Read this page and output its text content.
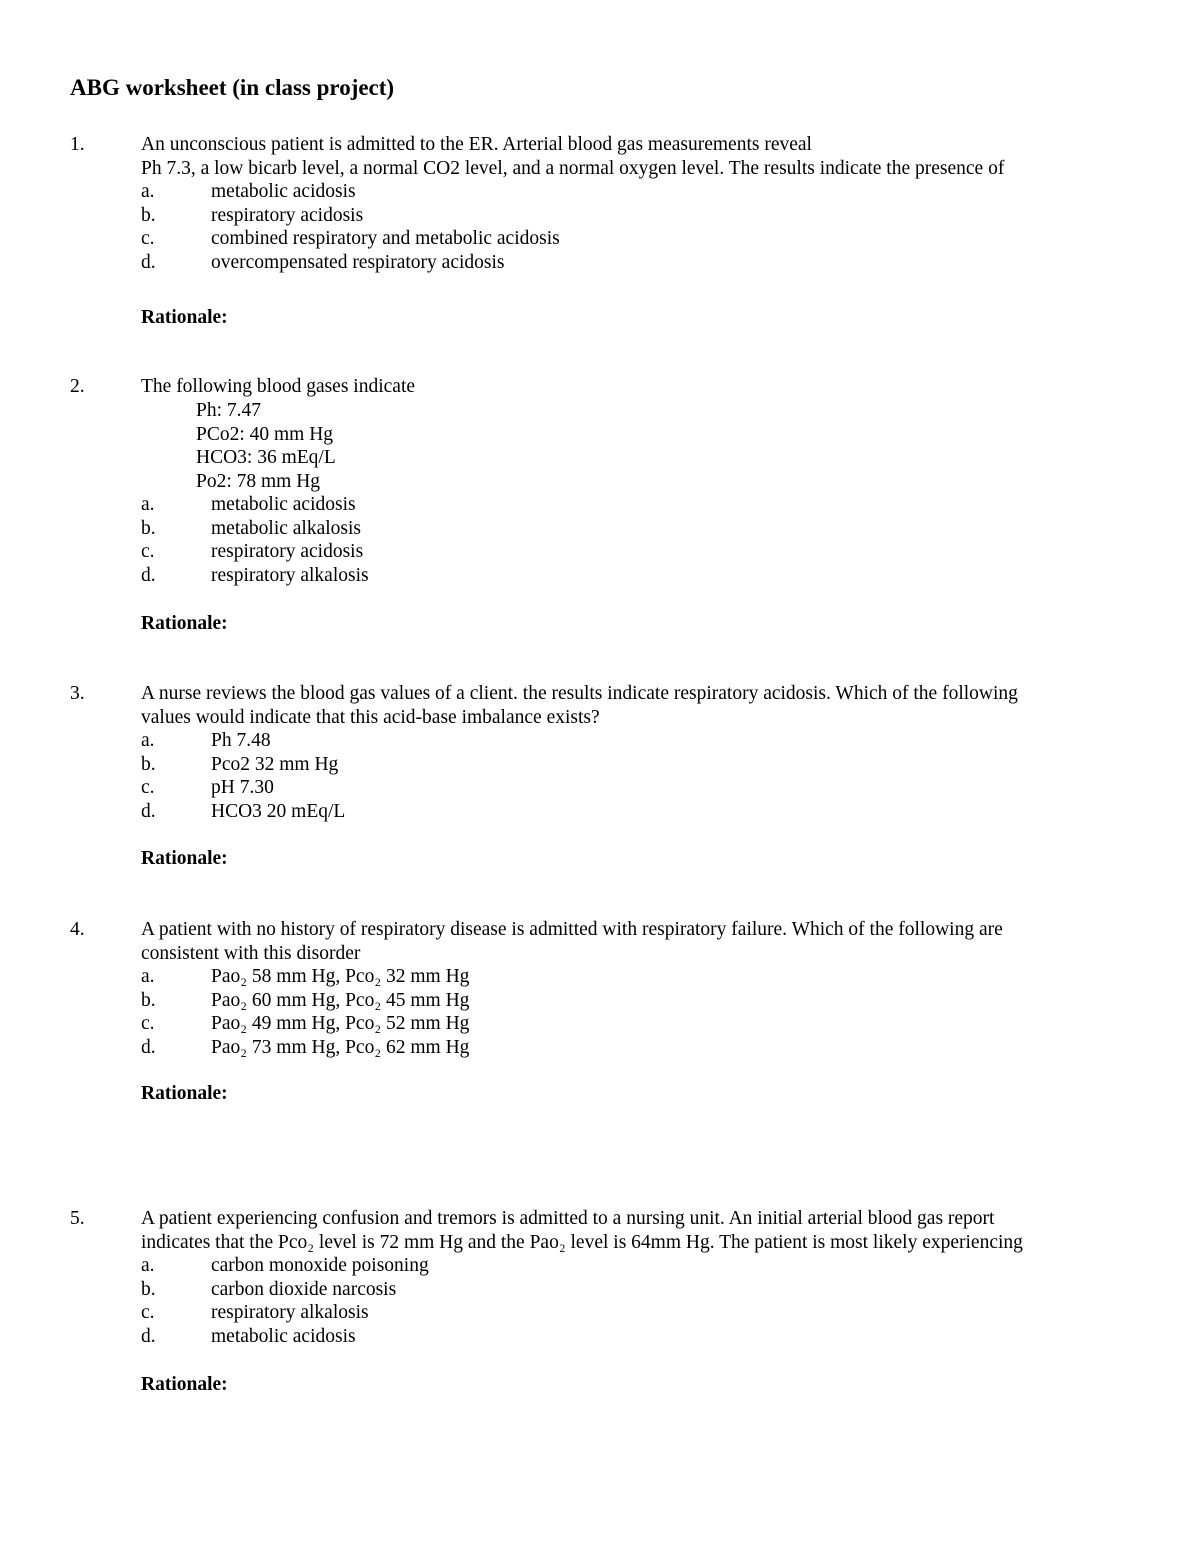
ABG worksheet (in class project)
1.	An unconscious patient is admitted to the ER. Arterial blood gas measurements reveal
Ph 7.3, a low bicarb level, a normal CO2 level, and a normal oxygen level. The results indicate the presence of
a.	metabolic acidosis
b.	respiratory acidosis
c.	combined respiratory and metabolic acidosis
d.	overcompensated respiratory acidosis
Rationale:
2.	The following blood gases indicate
Ph: 7.47
PCo2: 40 mm Hg
HCO3: 36 mEq/L
Po2: 78 mm Hg
a.	metabolic acidosis
b.	metabolic alkalosis
c.	respiratory acidosis
d.	respiratory alkalosis
Rationale:
3.	A nurse reviews the blood gas values of a client. the results indicate respiratory acidosis. Which of the following
values would indicate that this acid-base imbalance exists?
a.	Ph 7.48
b.	Pco2 32 mm Hg
c.	pH 7.30
d.	HCO3 20 mEq/L
Rationale:
4.	A patient with no history of respiratory disease is admitted with respiratory failure. Which of the following are
consistent with this disorder
a.	Pao₂ 58 mm Hg, Pco₂ 32 mm Hg
b.	Pao₂ 60 mm Hg, Pco₂ 45 mm Hg
c.	Pao₂ 49 mm Hg, Pco₂ 52 mm Hg
d.	Pao₂ 73 mm Hg, Pco₂ 62 mm Hg
Rationale:
5.	A patient experiencing confusion and tremors is admitted to a nursing unit. An initial arterial blood gas report
indicates that the Pco₂ level is 72 mm Hg and the Pao₂ level is 64mm Hg. The patient is most likely experiencing
a.	carbon monoxide poisoning
b.	carbon dioxide narcosis
c.	respiratory alkalosis
d.	metabolic acidosis
Rationale:
